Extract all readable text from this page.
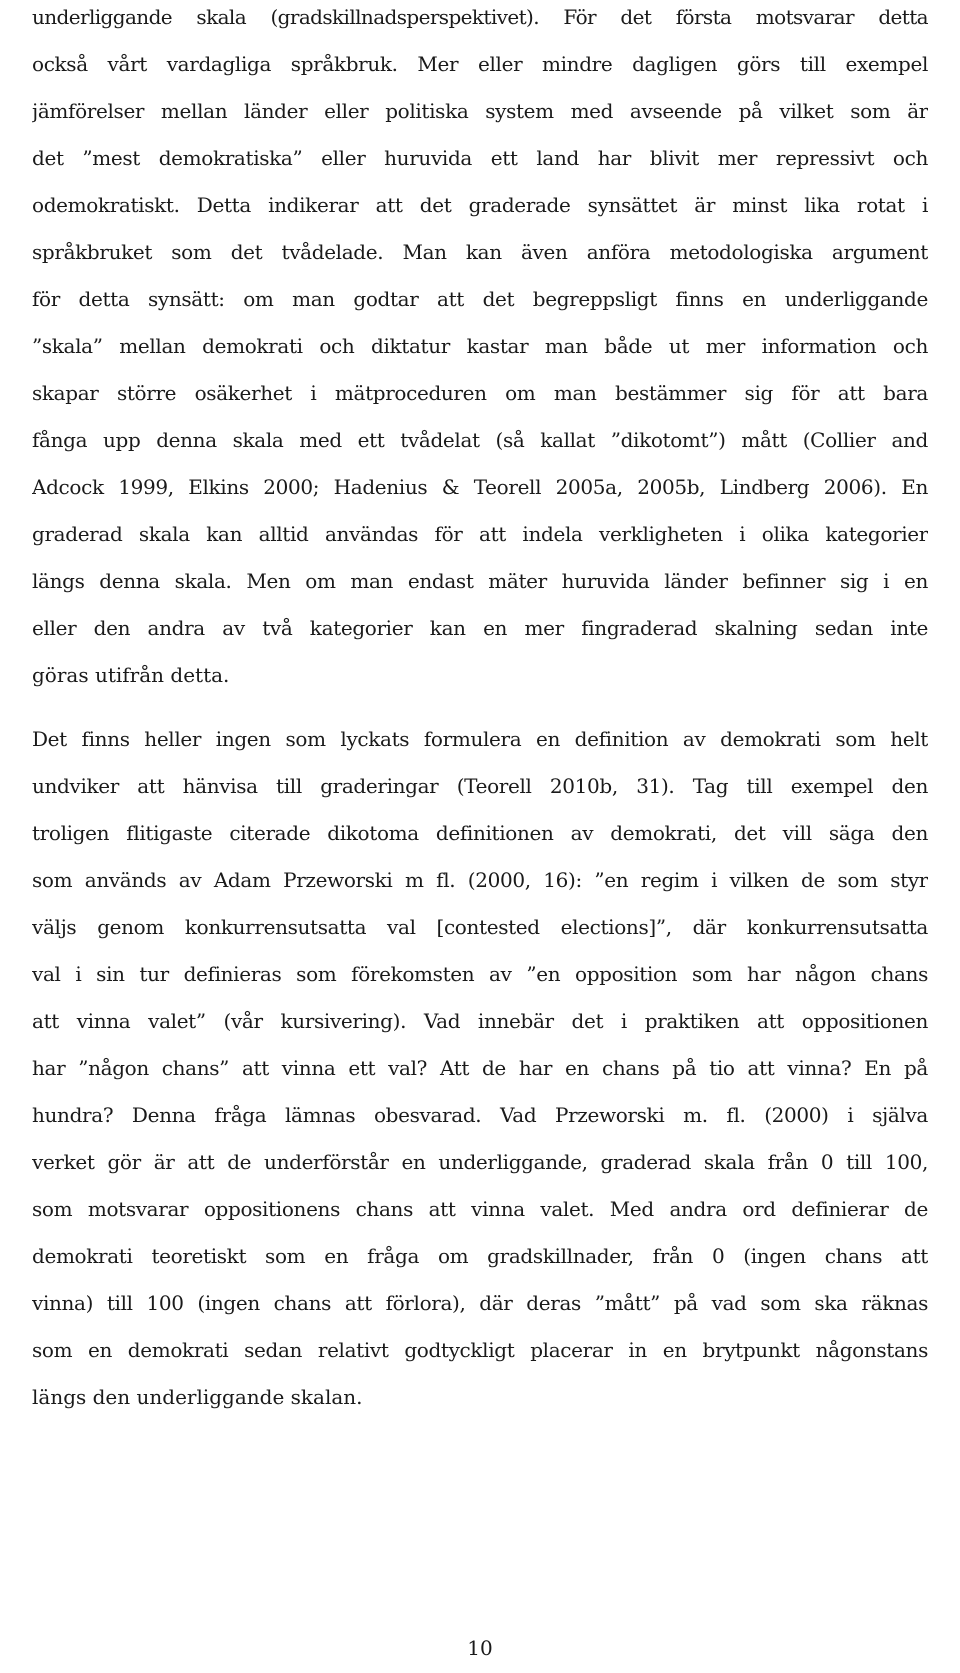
underliggande skala (gradskillnadsperspektivet). För det första motsvarar detta
också vårt vardagliga språkbruk. Mer eller mindre dagligen görs till exempel
jämförelser mellan länder eller politiska system med avseende på vilket som är
det ”mest demokratiska” eller huruvida ett land har blivit mer repressivt och
odemokratiskt. Detta indikerar att det graderade synsättet är minst lika rotat i
språkbruket som det tvådelade. Man kan även anföra metodologiska argument
för detta synsätt: om man godtar att det begreppsligt finns en underliggande
”skala” mellan demokrati och diktatur kastar man både ut mer information och
skapar större osäkerhet i mätproceduren om man bestämmer sig för att bara
fånga upp denna skala med ett tvådelat (så kallat ”dikotomt”) mått (Collier and
Adcock 1999, Elkins 2000; Hadenius & Teorell 2005a, 2005b, Lindberg 2006). En
graderad skala kan alltid användas för att indela verkligheten i olika kategorier
längs denna skala. Men om man endast mäter huruvida länder befinner sig i en
eller den andra av två kategorier kan en mer fingraderad skalning sedan inte
göras utifrån detta.
Det finns heller ingen som lyckats formulera en definition av demokrati som helt
undviker att hänvisa till graderingar (Teorell 2010b, 31). Tag till exempel den
troligen flitigaste citerade dikotoma definitionen av demokrati, det vill säga den
som används av Adam Przeworski m fl. (2000, 16): ”en regim i vilken de som styr
väljs genom konkurrensutsatta val [contested elections]”, där konkurrensutsatta
val i sin tur definieras som förekomsten av ”en opposition som har någon chans
att vinna valet” (vår kursivering). Vad innebär det i praktiken att oppositionen
har ”någon chans” att vinna ett val? Att de har en chans på tio att vinna? En på
hundra? Denna fråga lämnas obesvarad. Vad Przeworski m. fl. (2000) i själva
verket gör är att de underförstår en underliggande, graderad skala från 0 till 100,
som motsvarar oppositionens chans att vinna valet. Med andra ord definierar de
demokrati teoretiskt som en fråga om gradskillnader, från 0 (ingen chans att
vinna) till 100 (ingen chans att förlora), där deras ”mått” på vad som ska räknas
som en demokrati sedan relativt godtyckligt placerar in en brytpunkt någonstans
längs den underliggande skalan.
10
